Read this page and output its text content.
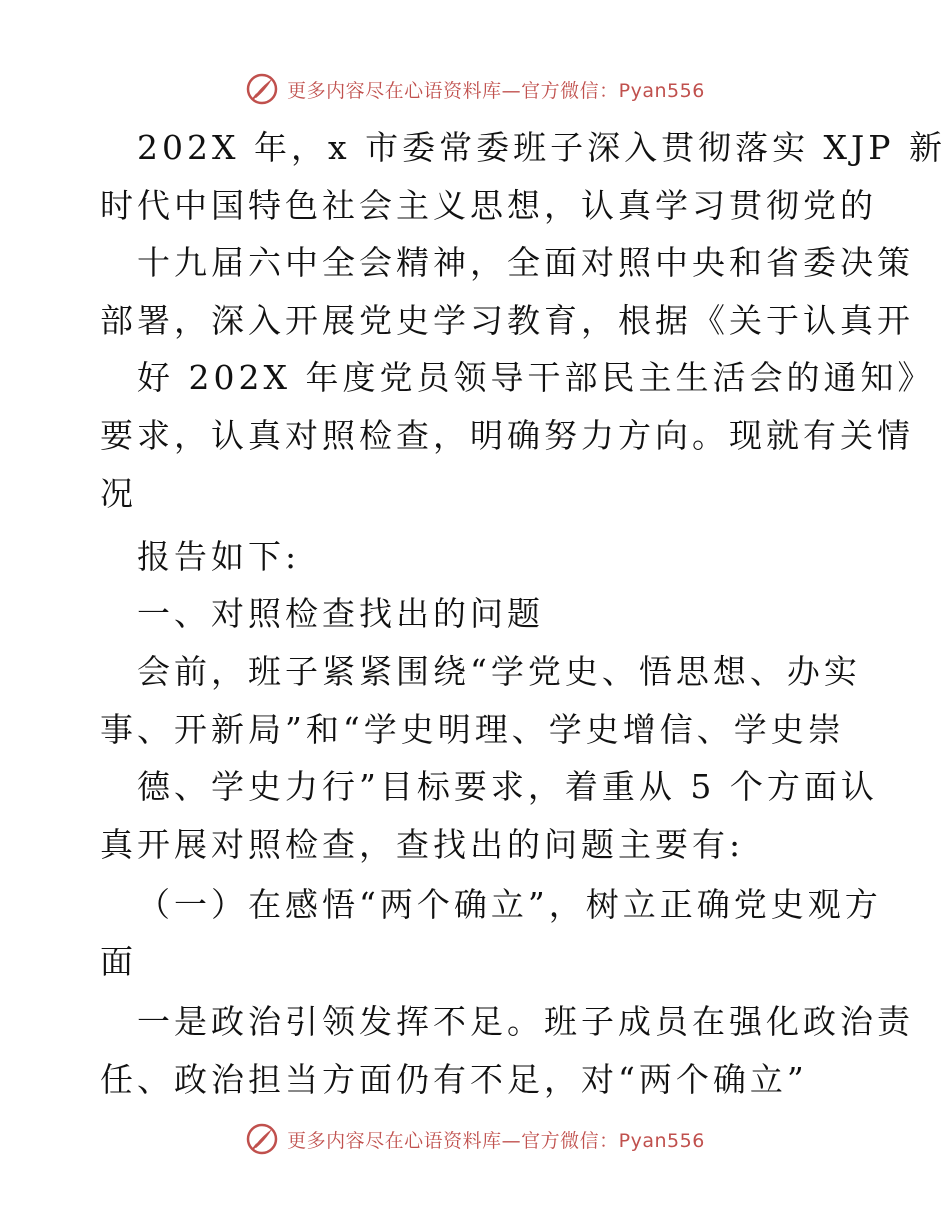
更多内容尽在心语资料库—官方微信：Pyan556
202X 年，x 市委常委班子深入贯彻落实 XJP 新
时代中国特色社会主义思想，认真学习贯彻党的
十九届六中全会精神，全面对照中央和省委决策
部署，深入开展党史学习教育，根据《关于认真开
好 202X 年度党员领导干部民主生活会的通知》
要求，认真对照检查，明确努力方向。现就有关情
况
报告如下:
一、对照检查找出的问题
会前，班子紧紧围绕“学党史、悟思想、办实
事、开新局”和“学史明理、学史增信、学史崇
德、学史力行”目标要求，着重从 5 个方面认
真开展对照检查，查找出的问题主要有:
（一）在感悟“两个确立”，树立正确党史观方
面
一是政治引领发挥不足。班子成员在强化政治责
任、政治担当方面仍有不足，对“两个确立”
更多内容尽在心语资料库—官方微信：Pyan556
